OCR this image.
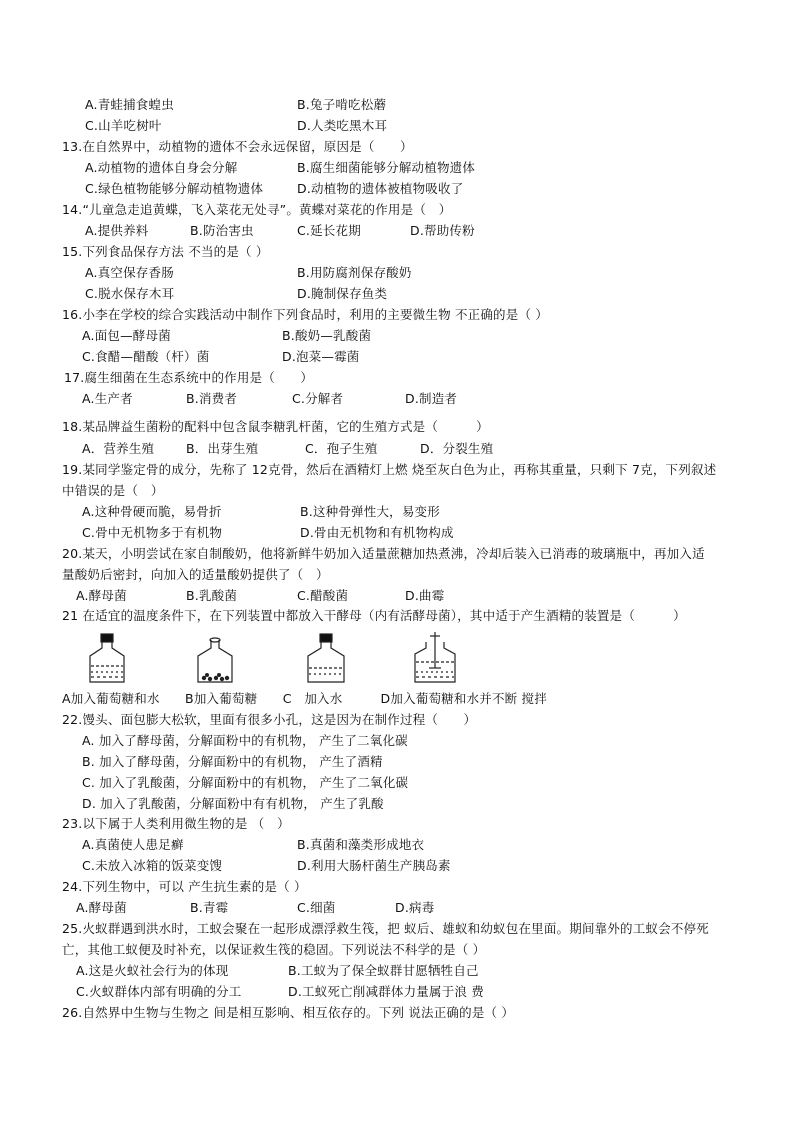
A.青蛙捕食蝗虫	B.兔子啃吃松蘑
C.山羊吃树叶	D.人类吃黑木耳
13.在自然界中，动植物的遗体不会永远保留，原因是（　　）
A.动植物的遗体自身会分解	B.腐生细菌能够分解动植物遗体
C.绿色植物能够分解动植物遗体	D.动植物的遗体被植物吸收了
14.“儿童急走追黄蝶，飞入菜花无处寻”。黄蝶对菜花的作用是（　）
A.提供养料	B.防治害虫	C.延长花期	D.帮助传粉
15.下列食品保存方法 不当的是（ ）
A.真空保存香肠	B.用防腐剂保存酸奶
C.脱水保存木耳	D.腌制保存鱼类
16.小李在学校的综合实践活动中制作下列食品时，利用的主要微生物 不正确的是（ ）
A.面包—酵母菌	B.酸奶—乳酸菌
C.食醋—醋酸（杆）菌	D.泡菜—霉菌
17.腐生细菌在生态系统中的作用是（　　）
A.生产者	B.消费者	C.分解者	D.制造者
18.某品牌益生菌粉的配料中包含鼠李糖乳杆菌，它的生殖方式是（　　　）
A．营养生殖	B．出芽生殖	C．孢子生殖	D．分裂生殖
19.某同学鉴定骨的成分，先称了 12克骨，然后在酒精灯上燃 烧至灰白色为止，再称其重量，只剩下 7克，下列叙述
中错误的是（　）
A.这种骨硬而脆，易骨折	B.这种骨弹性大，易变形
C.骨中无机物多于有机物	D.骨由无机物和有机物构成
20.某天，小明尝试在家自制酸奶，他将新鲜牛奶加入适量蔗糖加热煮沸，冷却后装入已消毒的玻璃瓶中，再加入适
量酸奶后密封，向加入的适量酸奶提供了（　）
A.酵母菌	B.乳酸菌	C.醋酸菌	D.曲霉
21 在适宜的温度条件下，在下列装置中都放入干酵母（内有活酵母菌），其中适于产生酒精的装置是（　　　）
A加入葡萄糖和水　　B加入葡萄糖　　C　加入水　　　D加入葡萄糖和水并不断 搅拌
22.馒头、面包膨大松软，里面有很多小孔，这是因为在制作过程（　　）
A. 加入了酵母菌，分解面粉中的有机物， 产生了二氧化碳
B. 加入了酵母菌，分解面粉中的有机物， 产生了酒精
C. 加入了乳酸菌，分解面粉中的有机物， 产生了二氧化碳
D. 加入了乳酸菌，分解面粉中有有机物， 产生了乳酸
23.以下属于人类利用微生物的是 （　）
A.真菌使人患足癣	B.真菌和藻类形成地衣
C.未放入冰箱的饭菜变馊	D.利用大肠杆菌生产胰岛素
24.下列生物中，可以 产生抗生素的是（ ）
A.酵母菌	B.青霉	C.细菌	D.病毒
25.火蚁群遇到洪水时，工蚁会聚在一起形成漂浮救生筏，把 蚁后、雄蚁和幼蚁包在里面。期间靠外的工蚁会不停死
亡，其他工蚁便及时补充，以保证救生筏的稳固。下列说法不科学的是（ ）
A.这是火蚁社会行为的体现	B.工蚁为了保全蚁群甘愿牺牲自己
C.火蚁群体内部有明确的分工	D.工蚁死亡削减群体力量属于浪 费
26.自然界中生物与生物之 间是相互影响、相互依存的。下列 说法正确的是（ ）
